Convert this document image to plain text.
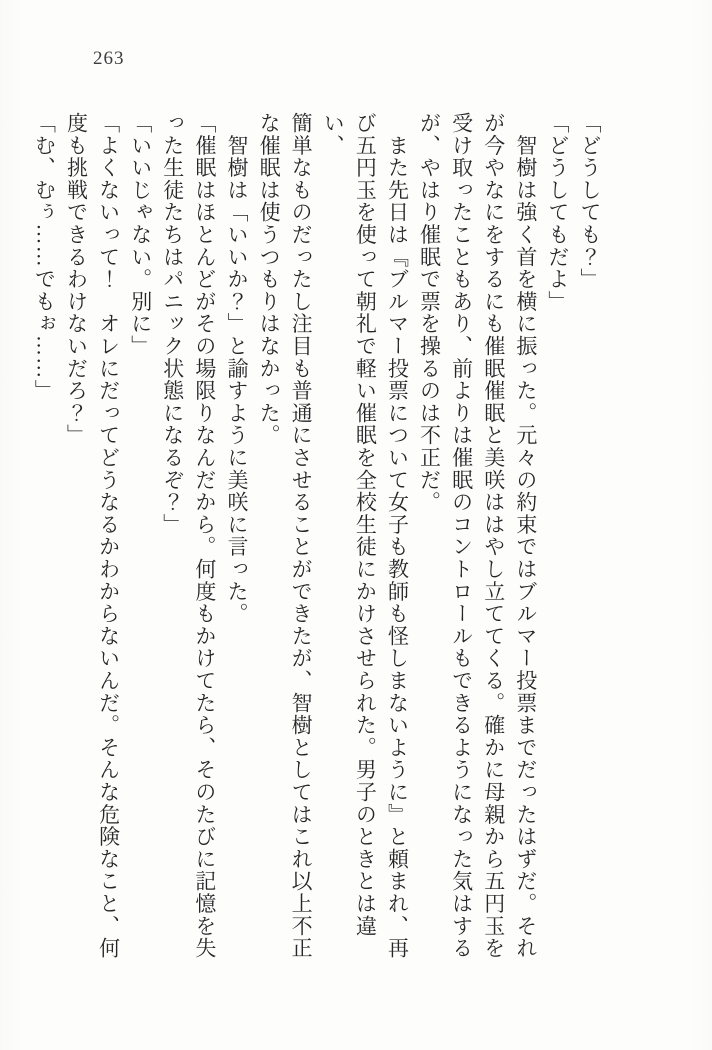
263

「どうしても？」

「どうしてもだよ」

　智樹は強く首を横に振った。元々の約束ではブルマー投票までだったはずだ。それ

が今やなにをするにも催眠催眠と美咲ははやし立ててくる。確かに母親から五円玉を

受け取ったこともあり、前よりは催眠のコントロールもできるようになった気はする

が、やはり催眠で票を操るのは不正だ。

　また先日は『ブルマー投票について女子も教師も怪しまないように』と頼まれ、再

び五円玉を使って朝礼で軽い催眠を全校生徒にかけさせられた。男子のときとは違い、

簡単なものだったし注目も普通にさせることができたが、智樹としてはこれ以上不正

な催眠は使うつもりはなかった。

　智樹は「いいか？」と諭すように美咲に言った。

「催眠はほとんどがその場限りなんだから。何度もかけてたら、そのたびに記憶を失

った生徒たちはパニック状態になるぞ？」

「いいじゃない。別に」

「よくないって！　オレにだってどうなるかわからないんだ。そんな危険なこと、何

度も挑戦できるわけないだろ？」

「む、むぅ……でもぉ……」
